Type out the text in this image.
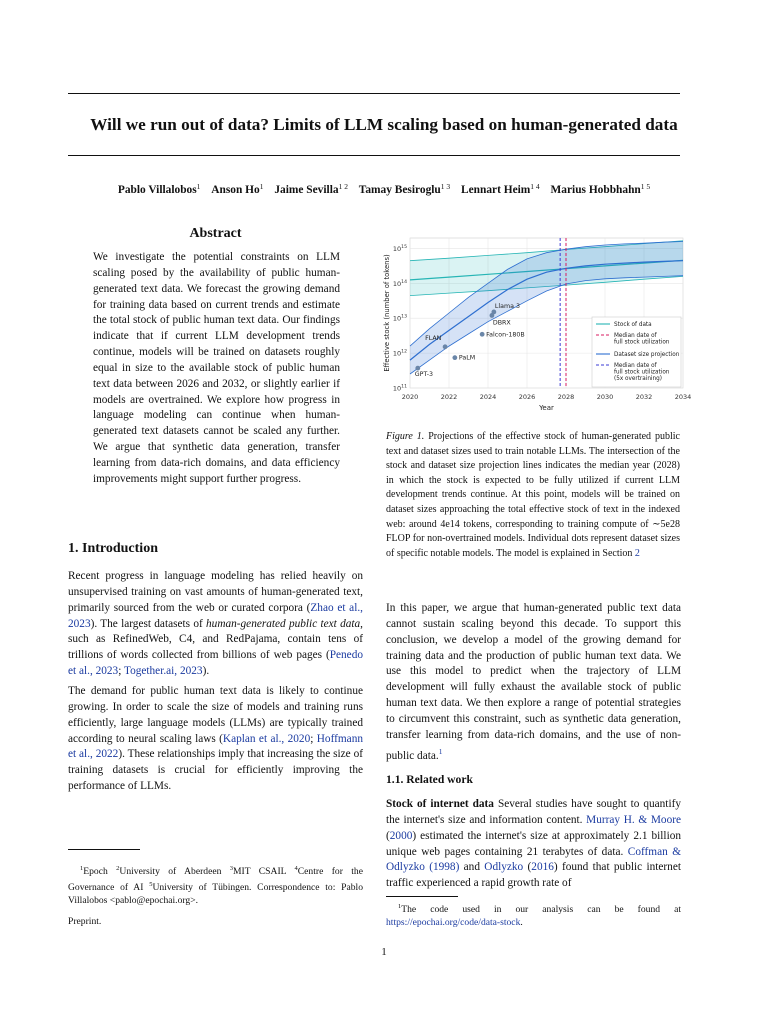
Will we run out of data? Limits of LLM scaling based on human-generated data
Pablo Villalobos$^1$ Anson Ho$^1$ Jaime Sevilla$^{1 2}$ Tamay Besiroglu$^{1 3}$ Lennart Heim$^{1 4}$ Marius Hobbhahn$^{1 5}$
Abstract

We investigate the potential constraints on LLM scaling posed by the availability of public human-generated text data. We forecast the growing demand for training data based on current trends and estimate the total stock of public human text data. Our findings indicate that if current LLM development trends continue, models will be trained on datasets roughly equal in size to the available stock of public human text data between 2026 and 2032, or slightly earlier if models are overtrained. We explore how progress in language modeling can continue when human-generated text datasets cannot be scaled any further. We argue that synthetic data generation, transfer learning from data-rich domains, and data efficiency improvements might support further progress.

1. Introduction

Recent progress in language modeling has relied heavily on unsupervised training on vast amounts of human-generated text, primarily sourced from the web or curated corpora (Zhao et al., 2023). The largest datasets of human-generated public text data, such as RefinedWeb, C4, and RedPajama, contain tens of trillions of words collected from billions of web pages (Penedo et al., 2023; Together.ai, 2023).

The demand for public human text data is likely to continue growing. In order to scale the size of models and training runs efficiently, large language models (LLMs) are typically trained according to neural scaling laws (Kaplan et al., 2020; Hoffmann et al., 2022). These relationships imply that increasing the size of training datasets is crucial for efficiently improving the performance of LLMs.

$^1$Epoch $^2$University of Aberdeen $^3$MIT CSAIL $^4$Centre for the Governance of AI $^5$University of Tübingen. Correspondence to: Pablo Villalobos <pablo@epochai.org>.

Preprint.
1
2020	2022	2024	2026	2028	2030	2032	2034
$10^{11}$
$10^{12}$
$10^{13}$
$10^{14}$
$10^{15}$
Year
Effective stock (number of tokens)
GPT-3
FLAN
PaLM
Falcon-180B
DBRX
Llama 3
Stock of data
Median date of
full stock utilization
Dataset size projection
Median date of
full stock utilization
(5x overtraining)

Figure 1. Projections of the effective stock of human-generated public text and dataset sizes used to train notable LLMs. The intersection of the stock and dataset size projection lines indicates the median year (2028) in which the stock is expected to be fully utilized if current LLM development trends continue. At this point, models will be trained on dataset sizes approaching the total effective stock of text in the indexed web: around 4e14 tokens, corresponding to training compute of ∼5e28 FLOP for non-overtrained models. Individual dots represent dataset sizes of specific notable models. The model is explained in Section 2

In this paper, we argue that human-generated public text data cannot sustain scaling beyond this decade. To support this conclusion, we develop a model of the growing demand for training data and the production of public human text data. We use this model to predict when the trajectory of LLM development will fully exhaust the available stock of public human text data. We then explore a range of potential strategies to circumvent this constraint, such as synthetic data generation, transfer learning from data-rich domains, and the use of non-public data.$^1$

1.1. Related work

Stock of internet data Several studies have sought to quantify the internet's size and information content. Murray H. & Moore (2000) estimated the internet's size at approximately 2.1 billion unique web pages containing 21 terabytes of data. Coffman & Odlyzko (1998) and Odlyzko (2016) found that public internet traffic experienced a rapid growth rate of

$^1$The code used in our analysis can be found at https://epochai.org/code/data-stock.
